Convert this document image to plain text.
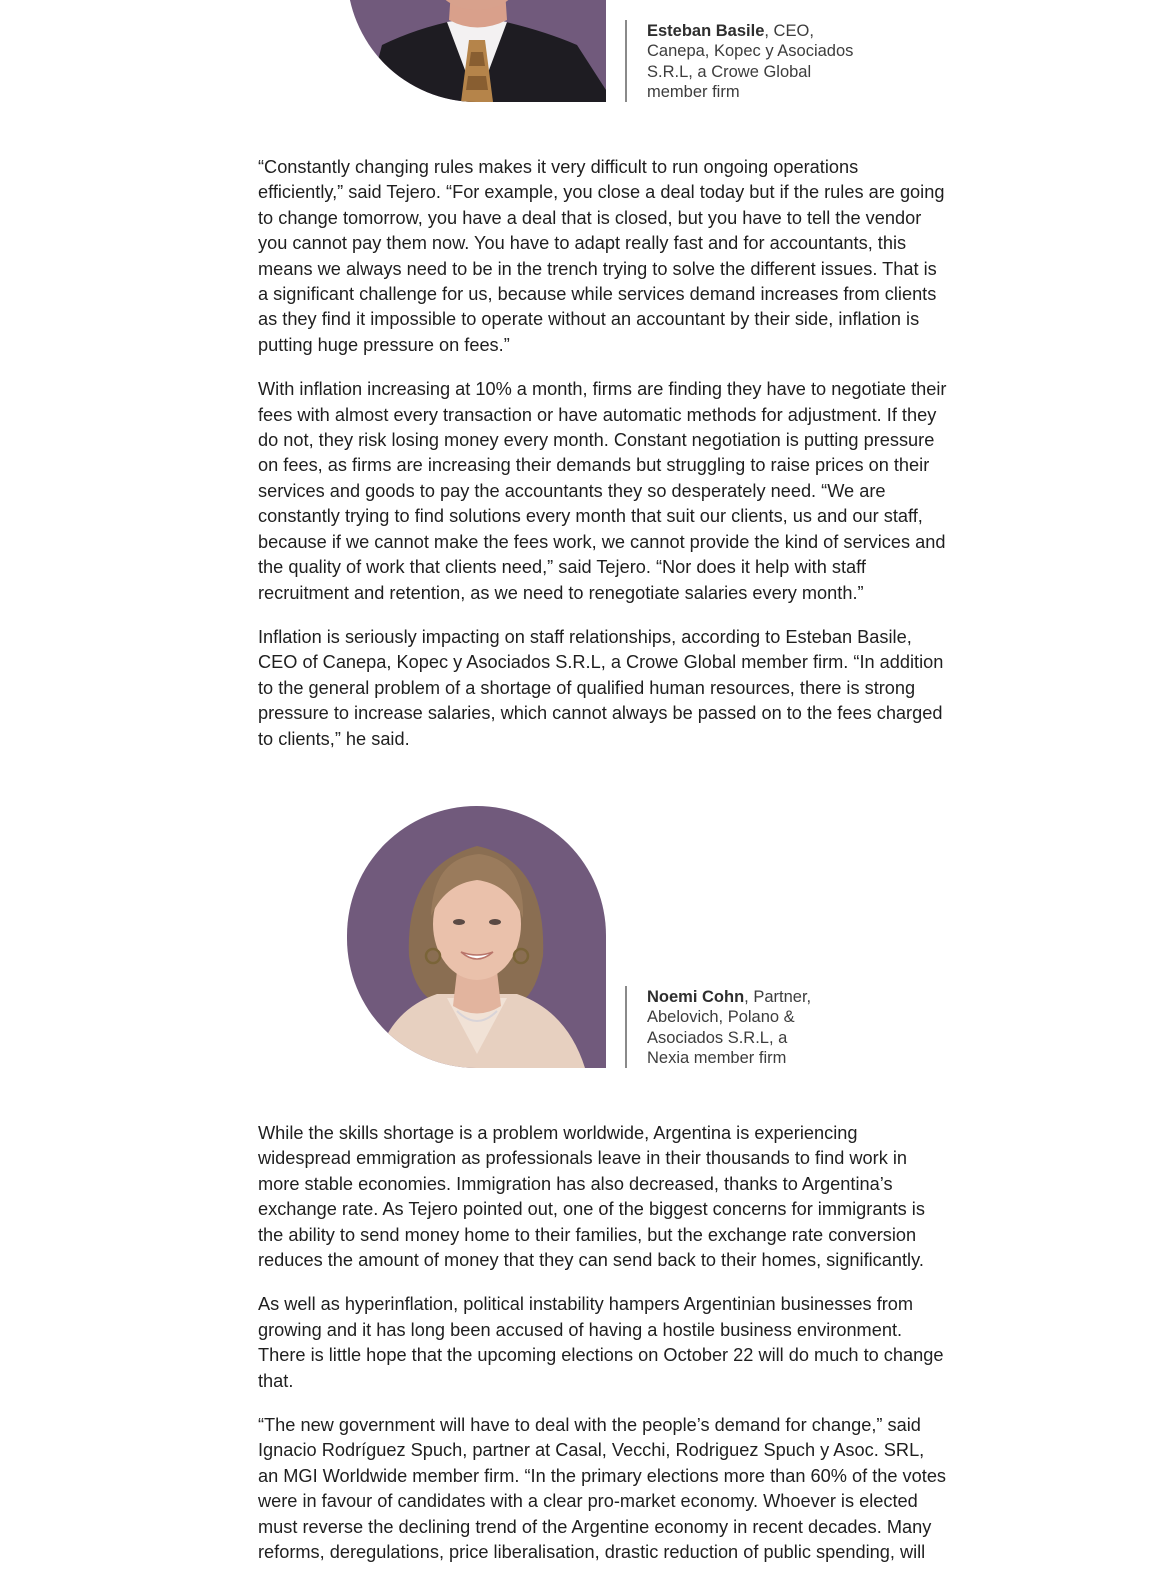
Esteban Basile, CEO,
Canepa, Kopec y Asociados
S.R.L, a Crowe Global
member firm

“Constantly changing rules makes it very difficult to run ongoing operations efficiently,” said Tejero. “For example, you close a deal today but if the rules are going to change tomorrow, you have a deal that is closed, but you have to tell the vendor you cannot pay them now. You have to adapt really fast and for accountants, this means we always need to be in the trench trying to solve the different issues. That is a significant challenge for us, because while services demand increases from clients as they find it impossible to operate without an accountant by their side, inflation is putting huge pressure on fees.”

With inflation increasing at 10% a month, firms are finding they have to negotiate their fees with almost every transaction or have automatic methods for adjustment. If they do not, they risk losing money every month. Constant negotiation is putting pressure on fees, as firms are increasing their demands but struggling to raise prices on their services and goods to pay the accountants they so desperately need. “We are constantly trying to find solutions every month that suit our clients, us and our staff, because if we cannot make the fees work, we cannot provide the kind of services and the quality of work that clients need,” said Tejero. “Nor does it help with staff recruitment and retention, as we need to renegotiate salaries every month.”

Inflation is seriously impacting on staff relationships, according to Esteban Basile, CEO of Canepa, Kopec y Asociados S.R.L, a Crowe Global member firm. “In addition to the general problem of a shortage of qualified human resources, there is strong pressure to increase salaries, which cannot always be passed on to the fees charged to clients,” he said.

Noemi Cohn, Partner,
Abelovich, Polano &
Asociados S.R.L, a
Nexia member firm

While the skills shortage is a problem worldwide, Argentina is experiencing widespread emmigration as professionals leave in their thousands to find work in more stable economies. Immigration has also decreased, thanks to Argentina’s exchange rate. As Tejero pointed out, one of the biggest concerns for immigrants is the ability to send money home to their families, but the exchange rate conversion reduces the amount of money that they can send back to their homes, significantly.

As well as hyperinflation, political instability hampers Argentinian businesses from growing and it has long been accused of having a hostile business environment. There is little hope that the upcoming elections on October 22 will do much to change that.

“The new government will have to deal with the people’s demand for change,” said Ignacio Rodríguez Spuch, partner at Casal, Vecchi, Rodriguez Spuch y Asoc. SRL, an MGI Worldwide member firm. “In the primary elections more than 60% of the votes were in favour of candidates with a clear pro-market economy. Whoever is elected must reverse the declining trend of the Argentine economy in recent decades. Many reforms, deregulations, price liberalisation, drastic reduction of public spending, will
